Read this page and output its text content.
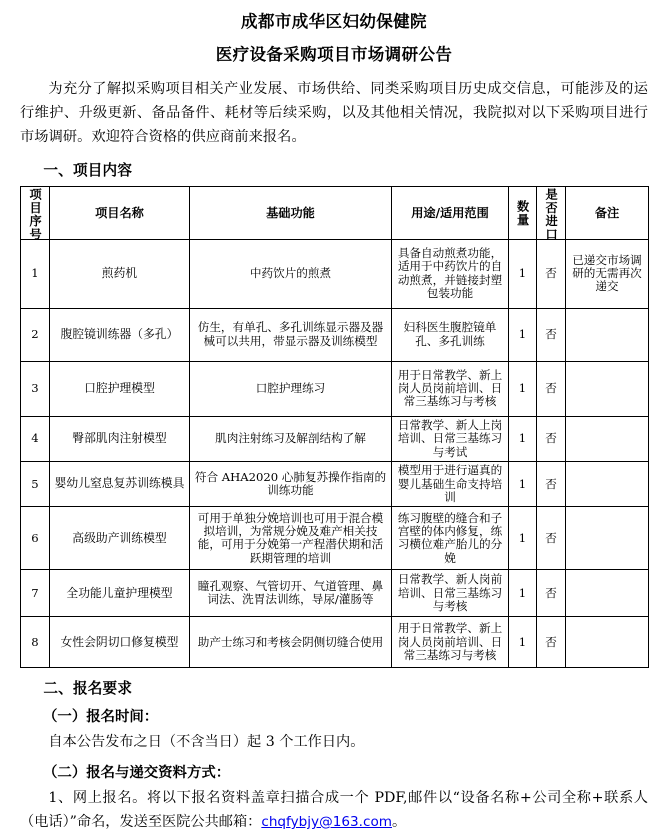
成都市成华区妇幼保健院
医疗设备采购项目市场调研公告

为充分了解拟采购项目相关产业发展、市场供给、同类采购项目历史成交信息，可能涉及的运行维护、升级更新、备品备件、耗材等后续采购，以及其他相关情况，我院拟对以下采购项目进行市场调研。欢迎符合资格的供应商前来报名。

一、项目内容
项目序号	项目名称	基础功能	用途/适用范围	数量	是否进口	备注
1	煎药机	中药饮片的煎煮	具备自动煎煮功能，适用于中药饮片的自动煎煮，并链接封塑包装功能	1	否	已递交市场调研的无需再次递交
2	腹腔镜训练器（多孔）	仿生，有单孔、多孔训练显示器及器械可以共用，带显示器及训练模型	妇科医生腹腔镜单孔、多孔训练	1	否	
3	口腔护理模型	口腔护理练习	用于日常教学、新上岗人员岗前培训、日常三基练习与考核	1	否	
4	臀部肌肉注射模型	肌肉注射练习及解剖结构了解	日常教学、新人上岗培训、日常三基练习与考试	1	否	
5	婴幼儿窒息复苏训练模具	符合 AHA2020 心肺复苏操作指南的训练功能	模型用于进行逼真的婴儿基础生命支持培训	1	否	
6	高级助产训练模型	可用于单独分娩培训也可用于混合模拟培训，为常规分娩及难产相关技能，可用于分娩第一产程潜伏期和活跃期管理的培训	练习腹壁的缝合和子宫壁的体内修复，练习横位难产胎儿的分娩	1	否	
7	全功能儿童护理模型	瞳孔观察、气管切开、气道管理、鼻词法、洗胃法训练，导尿/灌肠等	日常教学、新人岗前培训、日常三基练习与考核	1	否	
8	女性会阴切口修复模型	助产士练习和考核会阴侧切缝合使用	用于日常教学、新上岗人员岗前培训、日常三基练习与考核	1	否	
二、报名要求
（一）报名时间：
自本公告发布之日（不含当日）起 3 个工作日内。
（二）报名与递交资料方式：
1、网上报名。将以下报名资料盖章扫描合成一个 PDF,邮件以“设备名称+公司全称+联系人（电话）”命名，发送至医院公共邮箱：chqfybjy@163.com。
